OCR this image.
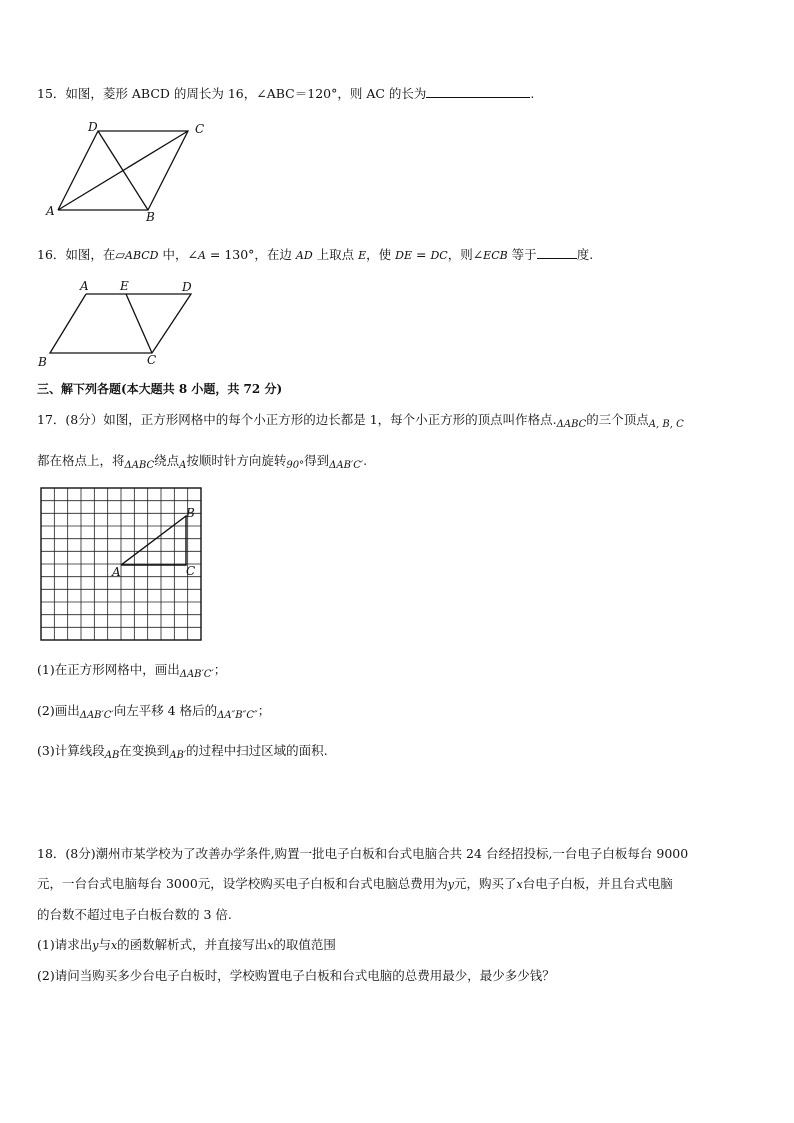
15．如图，菱形 ABCD 的周长为 16，∠ABC＝120°，则 AC 的长为	.
A	B
C
D
16．如图，在▱ABCD 中，∠A = 130°，在边 AD 上取点 E，使 DE = DC，则∠ECB 等于	度.
A	E	D
B	C
三、解下列各题(本大题共 8 小题，共 72 分)
17．(8分）如图，正方形网格中的每个小正方形的边长都是 1，每个小正方形的顶点叫作格点$._{\Delta ABC}$的三个顶点$_{A, B, C}$
都在格点上，将$_{\Delta ABC}$绕点$_A$按顺时针方向旋转$_{90^\circ}$得到$_{\Delta AB'C'}$.
A
B
C
(1)在正方形网格中，画出$_{\Delta AB'C'}$；
(2)画出$_{\Delta AB'C'}$向左平移 4 格后的$_{\Delta A''B''C''}$；
(3)计算线段$_{AB}$在变换到$_{AB'}$的过程中扫过区域的面积.
18．(8分)潮州市某学校为了改善办学条件,购置一批电子白板和台式电脑合共 24 台经招投标,一台电子白板每台 9000
元，一台台式电脑每台 3000元，设学校购买电子白板和台式电脑总费用为y元，购买了x台电子白板，并且台式电脑
的台数不超过电子白板台数的 3 倍.
(1)请求出y与x的函数解析式，并直接写出x的取值范围
(2)请问当购买多少台电子白板时，学校购置电子白板和台式电脑的总费用最少，最少多少钱？
